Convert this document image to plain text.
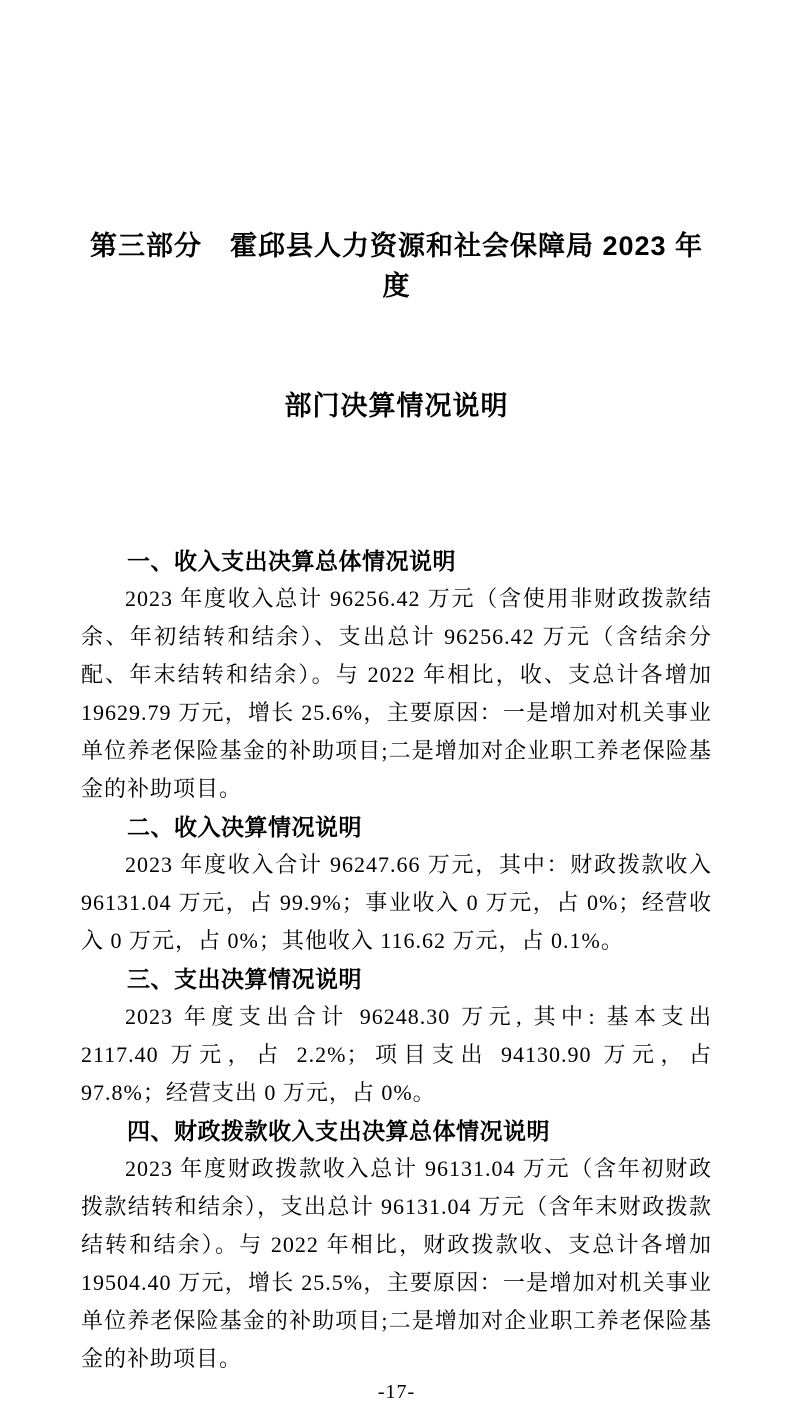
第三部分　霍邱县人力资源和社会保障局 2023 年度

部门决算情况说明

一、收入支出决算总体情况说明

2023 年度收入总计 96256.42 万元（含使用非财政拨款结余、年初结转和结余）、支出总计 96256.42 万元（含结余分配、年末结转和结余）。与 2022 年相比，收、支总计各增加 19629.79 万元，增长 25.6%，主要原因：一是增加对机关事业单位养老保险基金的补助项目;二是增加对企业职工养老保险基金的补助项目。

二、收入决算情况说明

2023 年度收入合计 96247.66 万元，其中：财政拨款收入 96131.04 万元，占 99.9%；事业收入 0 万元，占 0%；经营收入 0 万元，占 0%；其他收入 116.62 万元，占 0.1%。

三、支出决算情况说明

2023 年度支出合计 96248.30 万元, 其中: 基本支出 2117.40 万元，占 2.2%；项目支出 94130.90 万元，占 97.8%；经营支出 0 万元，占 0%。

四、财政拨款收入支出决算总体情况说明

2023 年度财政拨款收入总计 96131.04 万元（含年初财政拨款结转和结余），支出总计 96131.04 万元（含年末财政拨款结转和结余）。与 2022 年相比，财政拨款收、支总计各增加 19504.40 万元，增长 25.5%，主要原因：一是增加对机关事业单位养老保险基金的补助项目;二是增加对企业职工养老保险基金的补助项目。

-17-
